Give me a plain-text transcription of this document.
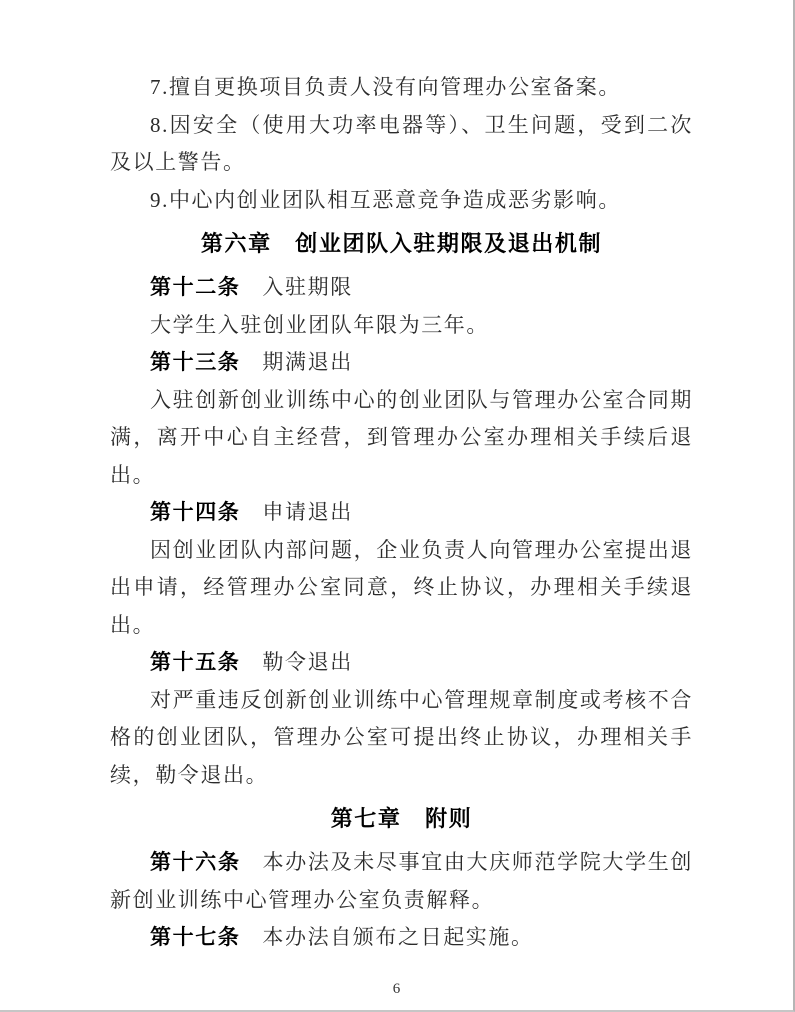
7.擅自更换项目负责人没有向管理办公室备案。

8.因安全（使用大功率电器等）、卫生问题，受到二次及以上警告。

9.中心内创业团队相互恶意竞争造成恶劣影响。

第六章　创业团队入驻期限及退出机制

第十二条 入驻期限

大学生入驻创业团队年限为三年。

第十三条 期满退出

入驻创新创业训练中心的创业团队与管理办公室合同期满，离开中心自主经营，到管理办公室办理相关手续后退出。

第十四条 申请退出

因创业团队内部问题，企业负责人向管理办公室提出退出申请，经管理办公室同意，终止协议，办理相关手续退出。

第十五条 勒令退出

对严重违反创新创业训练中心管理规章制度或考核不合格的创业团队，管理办公室可提出终止协议，办理相关手续，勒令退出。

第七章　附则

第十六条 本办法及未尽事宜由大庆师范学院大学生创新创业训练中心管理办公室负责解释。

第十七条 本办法自颁布之日起实施。

6
